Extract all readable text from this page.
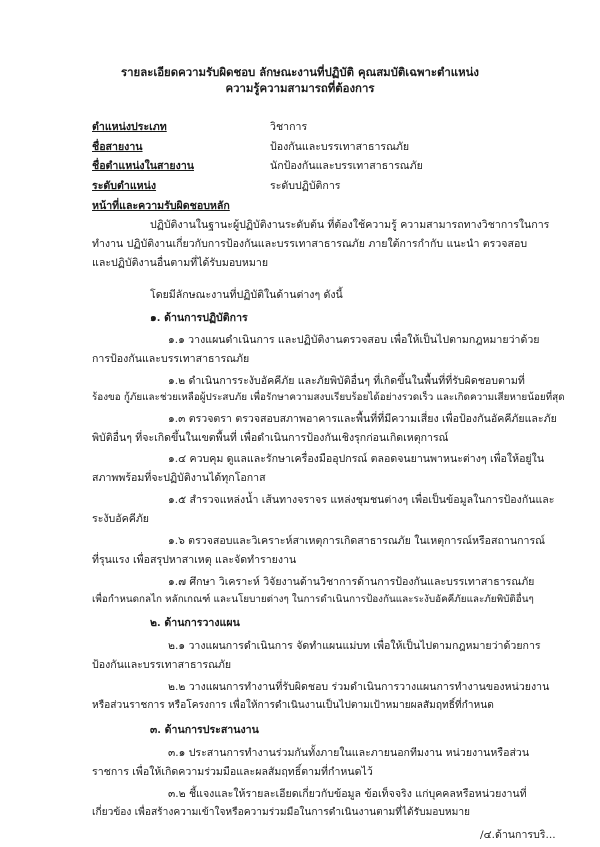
รายละเอียดความรับผิดชอบ ลักษณะงานที่ปฏิบัติ คุณสมบัติเฉพาะตำแหน่ง
ความรู้ความสามารถที่ต้องการ
ตำแหน่งประเภท	วิชาการ
ชื่อสายงาน	ป้องกันและบรรเทาสาธารณภัย
ชื่อตำแหน่งในสายงาน	นักป้องกันและบรรเทาสาธารณภัย
ระดับตำแหน่ง	ระดับปฏิบัติการ
หน้าที่และความรับผิดชอบหลัก
ปฏิบัติงานในฐานะผู้ปฏิบัติงานระดับต้น ที่ต้องใช้ความรู้ ความสามารถทางวิชาการในการ
ทำงาน ปฏิบัติงานเกี่ยวกับการป้องกันและบรรเทาสาธารณภัย ภายใต้การกำกับ แนะนำ ตรวจสอบ
และปฏิบัติงานอื่นตามที่ได้รับมอบหมาย
โดยมีลักษณะงานที่ปฏิบัติในด้านต่างๆ ดังนี้
๑. ด้านการปฏิบัติการ
๑.๑ วางแผนดำเนินการ และปฏิบัติงานตรวจสอบ เพื่อให้เป็นไปตามกฎหมายว่าด้วย
การป้องกันและบรรเทาสาธารณภัย
๑.๒ ดำเนินการระงับอัคคีภัย และภัยพิบัติอื่นๆ ที่เกิดขึ้นในพื้นที่ที่รับผิดชอบตามที่
ร้องขอ กู้ภัยและช่วยเหลือผู้ประสบภัย เพื่อรักษาความสงบเรียบร้อยได้อย่างรวดเร็ว และเกิดความเสียหายน้อยที่สุด
๑.๓ ตรวจตรา ตรวจสอบสภาพอาคารและพื้นที่ที่มีความเสี่ยง เพื่อป้องกันอัคคีภัยและภัย
พิบัติอื่นๆ ที่จะเกิดขึ้นในเขตพื้นที่ เพื่อดำเนินการป้องกันเชิงรุกก่อนเกิดเหตุการณ์
๑.๔ ควบคุม ดูแลและรักษาเครื่องมืออุปกรณ์ ตลอดจนยานพาหนะต่างๆ เพื่อให้อยู่ใน
สภาพพร้อมที่จะปฏิบัติงานได้ทุกโอกาส
๑.๕ สำรวจแหล่งน้ำ เส้นทางจราจร แหล่งชุมชนต่างๆ เพื่อเป็นข้อมูลในการป้องกันและ
ระงับอัคคีภัย
๑.๖ ตรวจสอบและวิเคราะห์สาเหตุการเกิดสาธารณภัย ในเหตุการณ์หรือสถานการณ์
ที่รุนแรง เพื่อสรุปหาสาเหตุ และจัดทำรายงาน
๑.๗ ศึกษา วิเคราะห์ วิจัยงานด้านวิชาการด้านการป้องกันและบรรเทาสาธารณภัย
เพื่อกำหนดกลไก หลักเกณฑ์ และนโยบายต่างๆ ในการดำเนินการป้องกันและระงับอัคคีภัยและภัยพิบัติอื่นๆ
๒. ด้านการวางแผน
๒.๑ วางแผนการดำเนินการ จัดทำแผนแม่บท เพื่อให้เป็นไปตามกฎหมายว่าด้วยการ
ป้องกันและบรรเทาสาธารณภัย
๒.๒ วางแผนการทำงานที่รับผิดชอบ ร่วมดำเนินการวางแผนการทำงานของหน่วยงาน
หรือส่วนราชการ หรือโครงการ เพื่อให้การดำเนินงานเป็นไปตามเป้าหมายผลสัมฤทธิ์ที่กำหนด
๓. ด้านการประสานงาน
๓.๑ ประสานการทำงานร่วมกันทั้งภายในและภายนอกทีมงาน หน่วยงานหรือส่วน
ราชการ เพื่อให้เกิดความร่วมมือและผลสัมฤทธิ์ตามที่กำหนดไว้
๓.๒ ชี้แจงและให้รายละเอียดเกี่ยวกับข้อมูล ข้อเท็จจริง แก่บุคคลหรือหน่วยงานที่
เกี่ยวข้อง เพื่อสร้างความเข้าใจหรือความร่วมมือในการดำเนินงานตามที่ได้รับมอบหมาย
/๔.ด้านการบริ...
